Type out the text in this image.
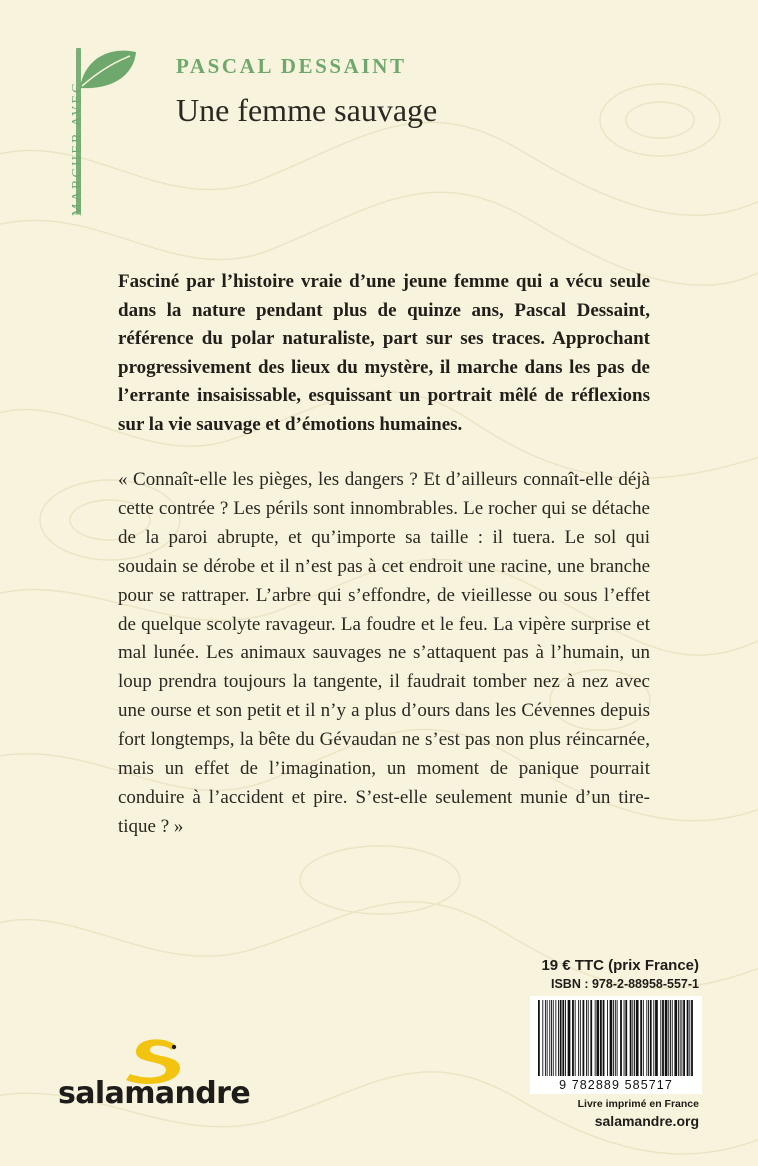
MARCHER AVEC
PASCAL DESSAINT
Une femme sauvage

Fasciné par l’histoire vraie d’une jeune femme qui a vécu seule dans la nature pendant plus de quinze ans, Pascal Dessaint, référence du polar naturaliste, part sur ses traces. Approchant progressivement des lieux du mystère, il marche dans les pas de l’errante insaisissable, esquissant un portrait mêlé de réflexions sur la vie sauvage et d’émotions humaines.

« Connaît-elle les pièges, les dangers ? Et d’ailleurs connaît-elle déjà cette contrée ? Les périls sont innombrables. Le rocher qui se détache de la paroi abrupte, et qu’importe sa taille : il tuera. Le sol qui soudain se dérobe et il n’est pas à cet endroit une racine, une branche pour se rattraper. L’arbre qui s’effondre, de vieillesse ou sous l’effet de quelque scolyte ravageur. La foudre et le feu. La vipère surprise et mal lunée. Les animaux sauvages ne s’attaquent pas à l’humain, un loup prendra toujours la tangente, il faudrait tomber nez à nez avec une ourse et son petit et il n’y a plus d’ours dans les Cévennes depuis fort longtemps, la bête du Gévaudan ne s’est pas non plus réincarnée, mais un effet de l’imagination, un moment de panique pourrait conduire à l’accident et pire. S’est-elle seulement munie d’un tire-tique ? »

19 € TTC (prix France)
ISBN : 978-2-88958-557-1
9 782889 585717
Livre imprimé en France
salamandre.org
salamandre
